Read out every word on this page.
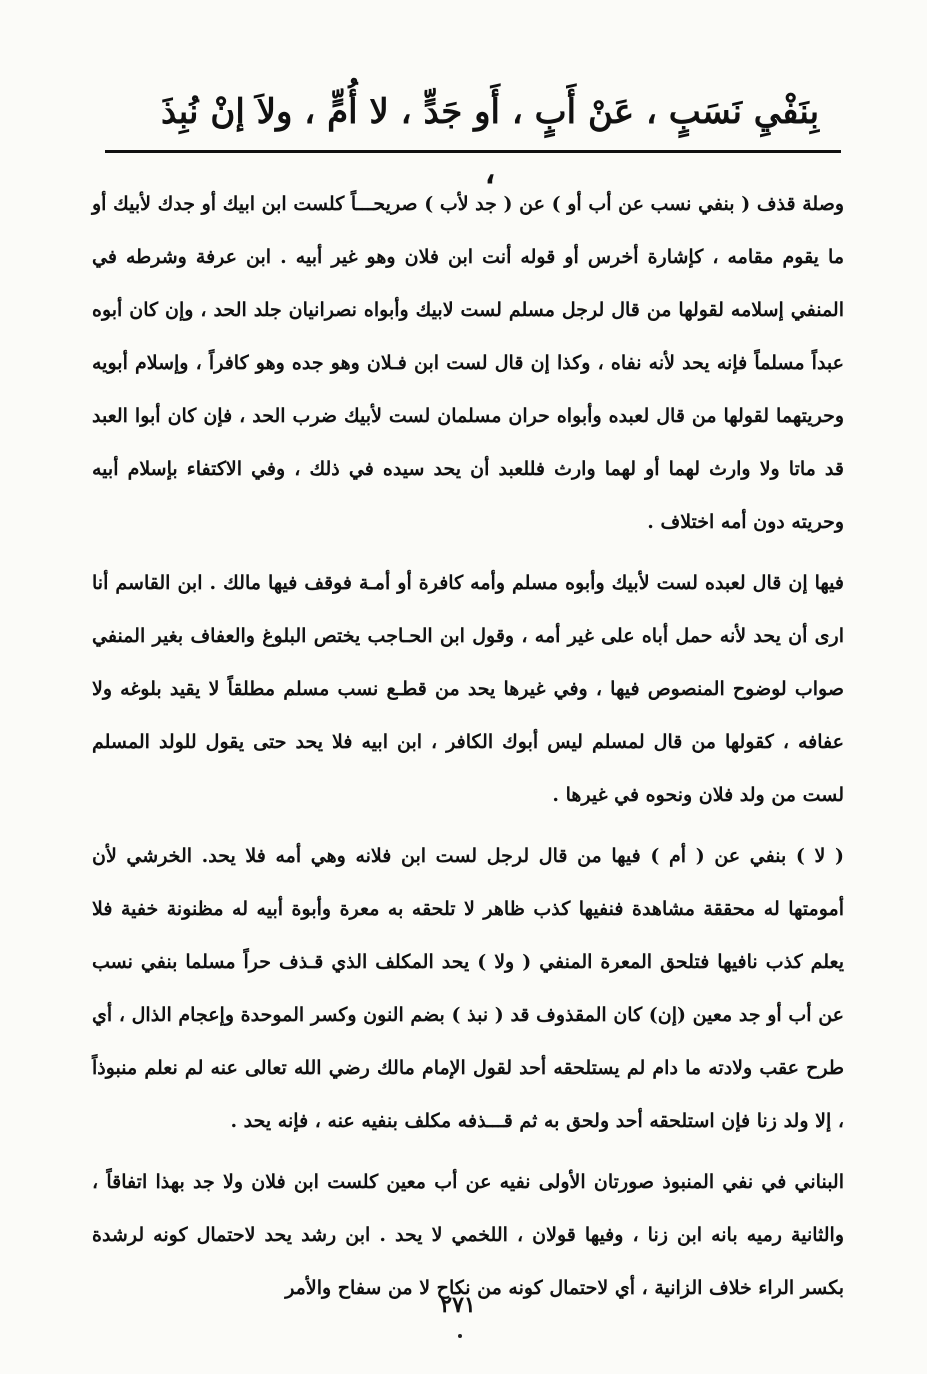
بِنَفْيِ نَسَبٍ ، عَنْ أَبٍ ، أَو جَدٍّ ، لا أُمٍّ ، ولاَ إنْ نُبِذَ ،

وصلة قذف ( بنفي نسب عن أب أو ) عن ( جد لأب ) صريحـــاً كلست ابن ابيك أو جدك لأبيك أو ما يقوم مقامه ، كإشارة أخرس أو قوله أنت ابن فلان وهو غير أبيه . ابن عرفة وشرطه في المنفي إسلامه لقولها من قال لرجل مسلم لست لابيك وأبواه نصرانيان جلد الحد ، وإن كان أبوه عبداً مسلماً فإنه يحد لأنه نفاه ، وكذا إن قال لست ابن فـلان وهو جده وهو كافراً ، وإسلام أبويه وحريتهما لقولها من قال لعبده وأبواه حران مسلمان لست لأبيك ضرب الحد ، فإن كان أبوا العبد قد ماتا ولا وارث لهما أو لهما وارث فللعبد أن يحد سيده في ذلك ، وفي الاكتفاء بإسلام أبيه وحريته دون أمه اختلاف .

فيها إن قال لعبده لست لأبيك وأبوه مسلم وأمه كافرة أو أمـة فوقف فيها مالك . ابن القاسم أنا ارى أن يحد لأنه حمل أباه على غير أمه ، وقول ابن الحـاجب يختص البلوغ والعفاف بغير المنفي صواب لوضوح المنصوص فيها ، وفي غيرها يحد من قطـع نسب مسلم مطلقاً لا يقيد بلوغه ولا عفافه ، كقولها من قال لمسلم ليس أبوك الكافر ، ابن ابيه فلا يحد حتى يقول للولد المسلم لست من ولد فلان ونحوه في غيرها .

( لا ) بنفي عن ( أم ) فيها من قال لرجل لست ابن فلانه وهي أمه فلا يحد. الخرشي لأن أمومتها له محققة مشاهدة فنفيها كذب ظاهر لا تلحقه به معرة وأبوة أبيه له مظنونة خفية فلا يعلم كذب نافيها فتلحق المعرة المنفي ( ولا ) يحد المكلف الذي قـذف حراً مسلما بنفي نسب عن أب أو جد معين (إن) كان المقذوف قد ( نبذ ) بضم النون وكسر الموحدة وإعجام الذال ، أي طرح عقب ولادته ما دام لم يستلحقه أحد لقول الإمام مالك رضي الله تعالى عنه لم نعلم منبوذاً ، إلا ولد زنا فإن استلحقه أحد ولحق به ثم قـــذفه مكلف بنفيه عنه ، فإنه يحد .

البناني في نفي المنبوذ صورتان الأولى نفيه عن أب معين كلست ابن فلان ولا جد بهذا اتفاقاً ، والثانية رميه بانه ابن زنا ، وفيها قولان ، اللخمي لا يحد . ابن رشد يحد لاحتمال كونه لرشدة بكسر الراء خلاف الزانية ، أي لاحتمال كونه من نكاح لا من سفاح والأمر

٢٧١
